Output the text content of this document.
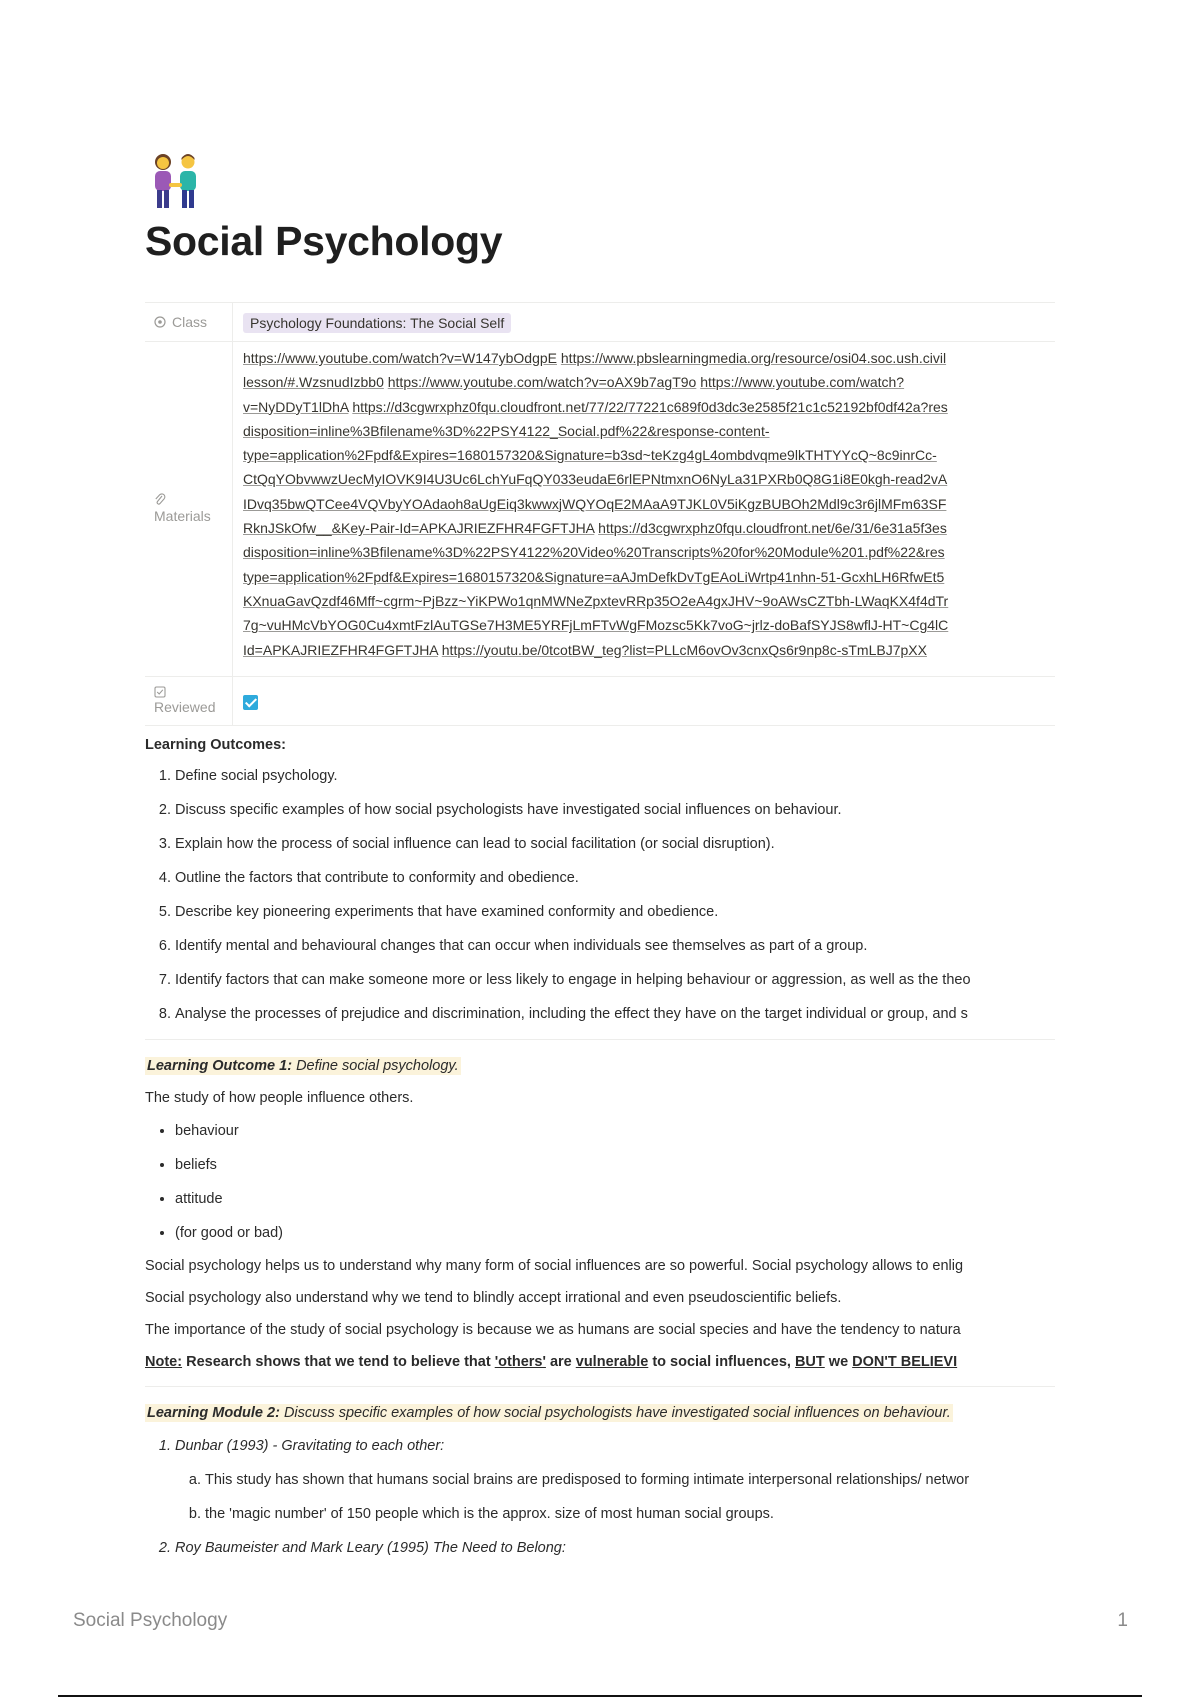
Social Psychology
Class	Psychology Foundations: The Social Self
Materials
https://www.youtube.com/watch?v=W147ybOdgpE https://www.pbslearningmedia.org/resource/osi04.soc.ush.civil
lesson/#.WzsnudIzbb0 https://www.youtube.com/watch?v=oAX9b7agT9o https://www.youtube.com/watch?
v=NyDDyT1lDhA https://d3cgwrxphz0fqu.cloudfront.net/77/22/77221c689f0d3dc3e2585f21c1c52192bf0df42a?res
disposition=inline%3Bfilename%3D%22PSY4122_Social.pdf%22&response-content-
type=application%2Fpdf&Expires=1680157320&Signature=b3sd~teKzg4gL4ombdvqme9lkTHTYYcQ~8c9inrCc-
CtQqYObvwwzUecMyIOVK9I4U3Uc6LchYuFqQY033eudaE6rlEPNtmxnO6NyLa31PXRb0Q8G1i8E0kgh-read2vA
IDvq35bwQTCee4VQVbyYOAdaoh8aUgEiq3kwwxjWQYOqE2MAaA9TJKL0V5iKgzBUBOh2Mdl9c3r6jlMFm63SF
RknJSkOfw__&Key-Pair-Id=APKAJRIEZFHR4FGFTJHA https://d3cgwrxphz0fqu.cloudfront.net/6e/31/6e31a5f3es
disposition=inline%3Bfilename%3D%22PSY4122%20Video%20Transcripts%20for%20Module%201.pdf%22&res
type=application%2Fpdf&Expires=1680157320&Signature=aAJmDefkDvTgEAoLiWrtp41nhn-51-GcxhLH6RfwEt5
KXnuaGavQzdf46Mff~cgrm~PjBzz~YiKPWo1qnMWNeZpxtevRRp35O2eA4gxJHV~9oAWsCZTbh-LWaqKX4f4dTr
7g~vuHMcVbYOG0Cu4xmtFzlAuTGSe7H3ME5YRFjLmFTvWgFMozsc5Kk7voG~jrlz-doBafSYJS8wflJ-HT~Cg4lC
Id=APKAJRIEZFHR4FGFTJHA https://youtu.be/0tcotBW_teg?list=PLLcM6ovOv3cnxQs6r9np8c-sTmLBJ7pXX
Reviewed
Learning Outcomes:
1. Define social psychology.
2. Discuss specific examples of how social psychologists have investigated social influences on behaviour.
3. Explain how the process of social influence can lead to social facilitation (or social disruption).
4. Outline the factors that contribute to conformity and obedience.
5. Describe key pioneering experiments that have examined conformity and obedience.
6. Identify mental and behavioural changes that can occur when individuals see themselves as part of a group.
7. Identify factors that can make someone more or less likely to engage in helping behaviour or aggression, as well as the theo
8. Analyse the processes of prejudice and discrimination, including the effect they have on the target individual or group, and s

Learning Outcome 1: Define social psychology.

The study of how people influence others.

• behaviour
• beliefs
• attitude
• (for good or bad)

Social psychology helps us to understand why many form of social influences are so powerful. Social psychology allows to enlig

Social psychology also understand why we tend to blindly accept irrational and even pseudoscientific beliefs.

The importance of the study of social psychology is because we as humans are social species and have the tendency to natura

Note: Research shows that we tend to believe that 'others' are vulnerable to social influences, BUT we DON'T BELIEVI

Learning Module 2: Discuss specific examples of how social psychologists have investigated social influences on behaviour.

1. Dunbar (1993) - Gravitating to each other:
a. This study has shown that humans social brains are predisposed to forming intimate interpersonal relationships/ networ
b. the 'magic number' of 150 people which is the approx. size of most human social groups.
2. Roy Baumeister and Mark Leary (1995) The Need to Belong:
Social Psychology	1
